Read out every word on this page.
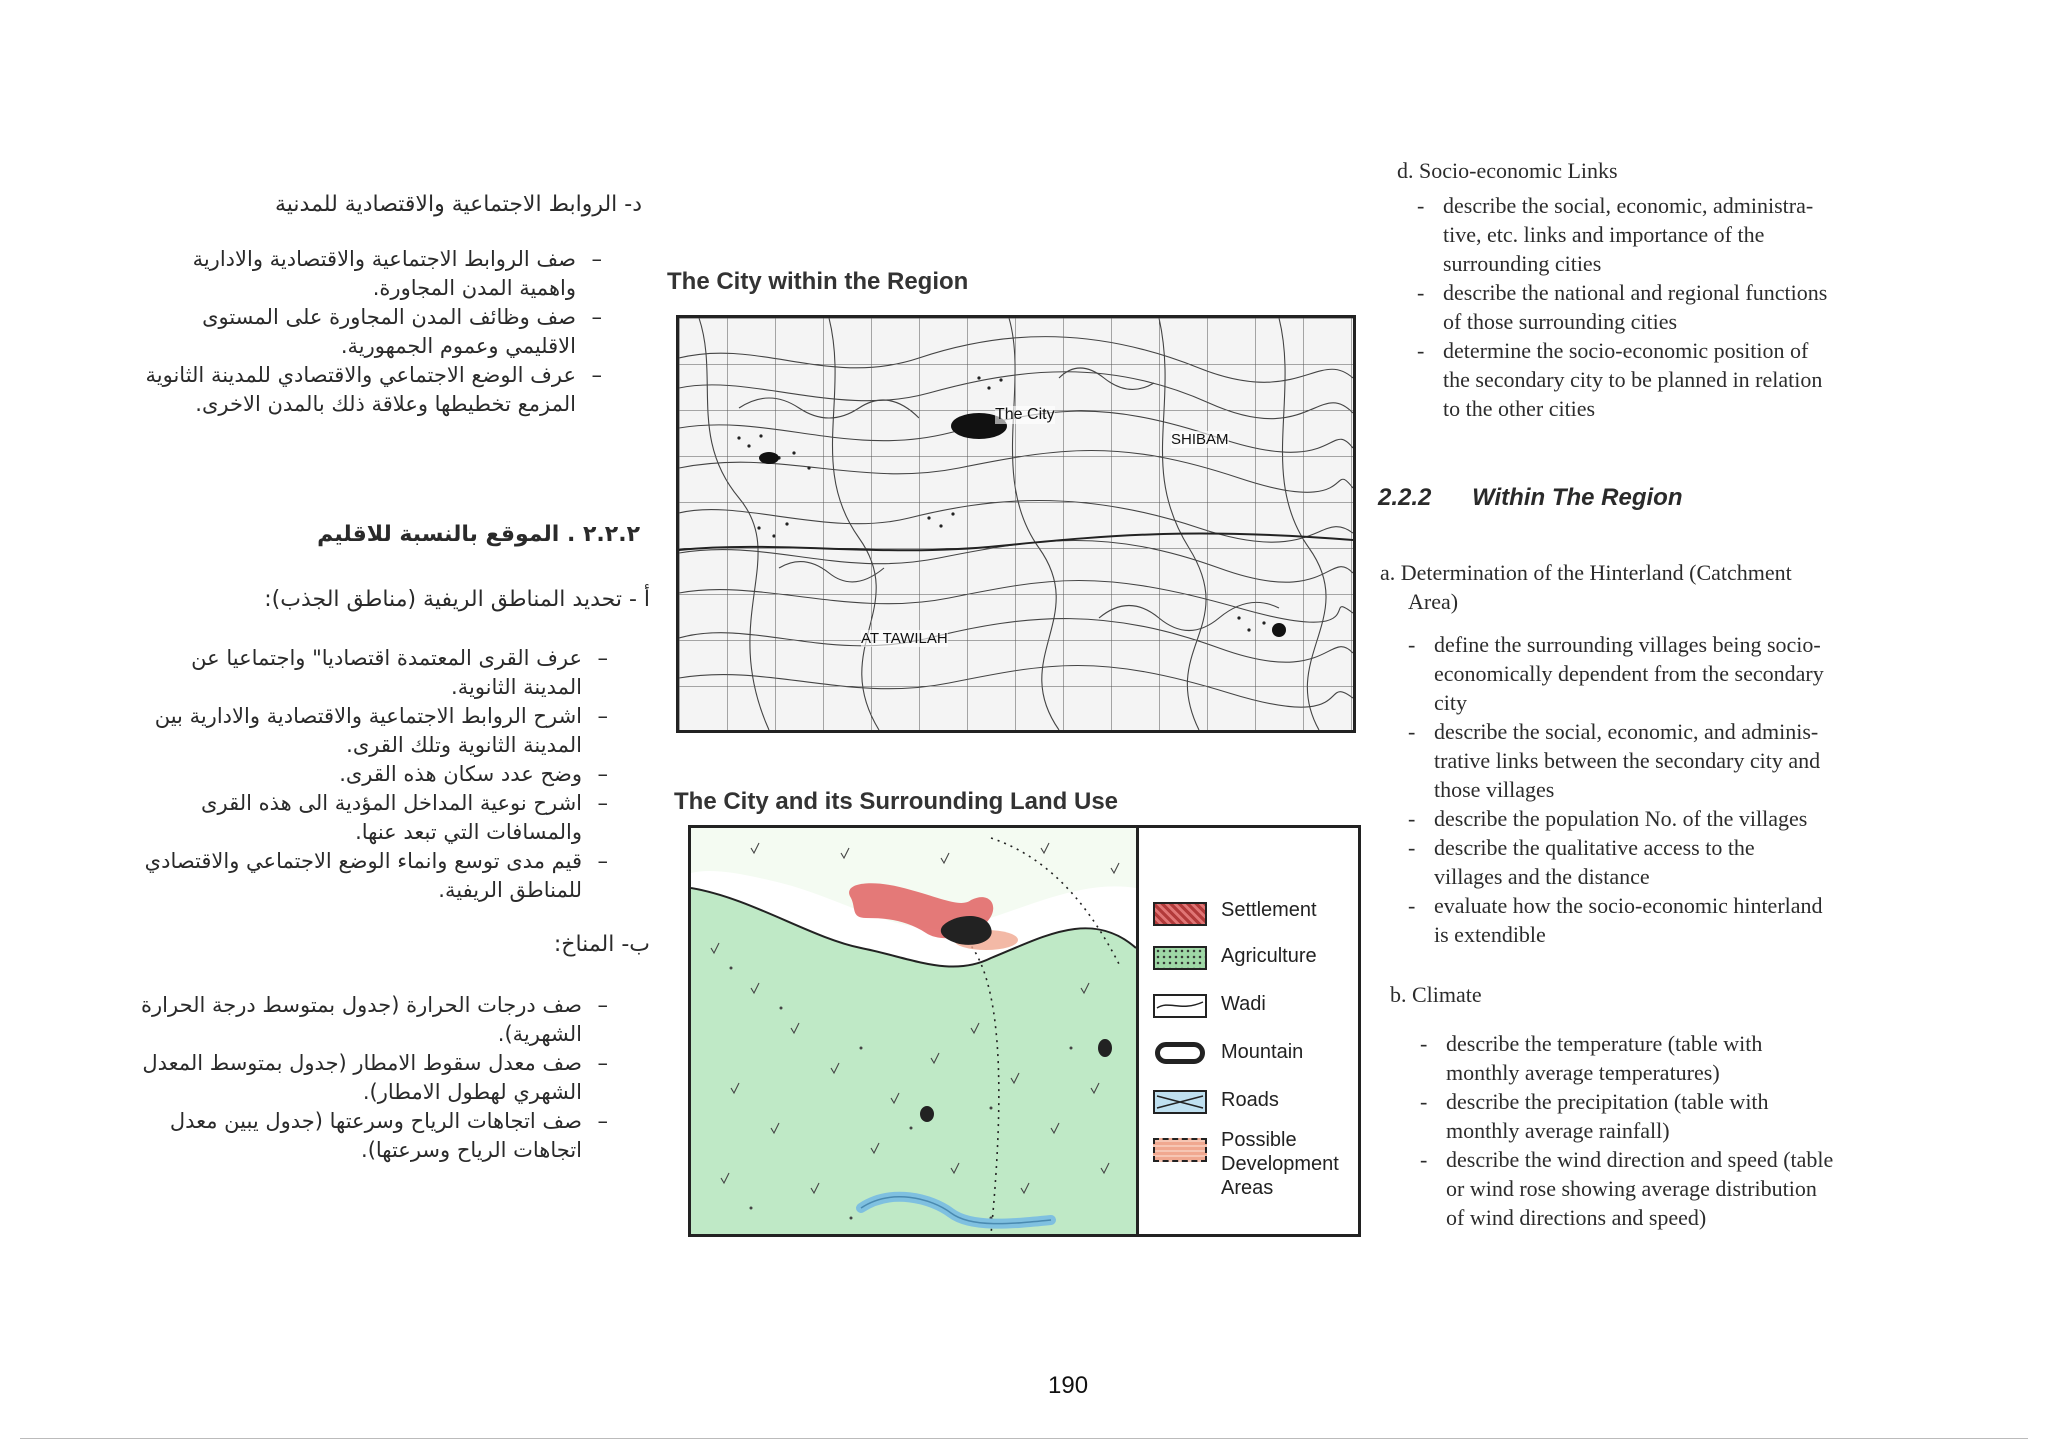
د- الروابط الاجتماعية والاقتصادية للمدنية
–
صف الروابط الاجتماعية والاقتصادية والادارية واهمية المدن المجاورة.
–
صف وظائف المدن المجاورة على المستوى الاقليمي وعموم الجمهورية.
–
عرف الوضع الاجتماعي والاقتصادي للمدينة الثانوية المزمع تخطيطها وعلاقة ذلك بالمدن الاخرى.
٢.٢.٢ . الموقع بالنسبة للاقليم
أ - تحديد المناطق الريفية (مناطق الجذب):
–
عرف القرى المعتمدة اقتصاديا" واجتماعيا عن المدينة الثانوية.
–
اشرح الروابط الاجتماعية والاقتصادية والادارية بين المدينة الثانوية وتلك القرى.
–
وضح عدد سكان هذه القرى.
–
اشرح نوعية المداخل المؤدية الى هذه القرى والمسافات التي تبعد عنها.
–
قيم مدى توسع وانماء الوضع الاجتماعي والاقتصادي للمناطق الريفية.
ب- المناخ:
–
صف درجات الحرارة (جدول بمتوسط درجة الحرارة الشهرية).
–
صف معدل سقوط الامطار (جدول بمتوسط المعدل الشهري لهطول الامطار).
–
صف اتجاهات الرياح وسرعتها (جدول يبين معدل اتجاهات الرياح وسرعتها).
The City within the Region
The City
SHIBAM
AT TAWILAH
The City and its Surrounding Land Use
Settlement
Agriculture
Wadi
Mountain
Roads
Possible
Development
Areas
d. Socio-economic Links
- describe the social, economic, administra-
tive, etc. links and importance of the
surrounding cities
- describe the national and regional functions
of those surrounding cities
- determine the socio-economic position of
the secondary city to be planned in relation
to the other cities
2.2.2 Within The Region
a. Determination of the Hinterland (Catchment
Area)
- define the surrounding villages being socio-
economically dependent from the secondary
city
- describe the social, economic, and adminis-
trative links between the secondary city and
those villages
- describe the population No. of the villages
- describe the qualitative access to the
villages and the distance
- evaluate how the socio-economic hinterland
is extendible
b. Climate
- describe the temperature (table with
monthly average temperatures)
- describe the precipitation (table with
monthly average rainfall)
- describe the wind direction and speed (table
or wind rose showing average distribution
of wind directions and speed)
190
